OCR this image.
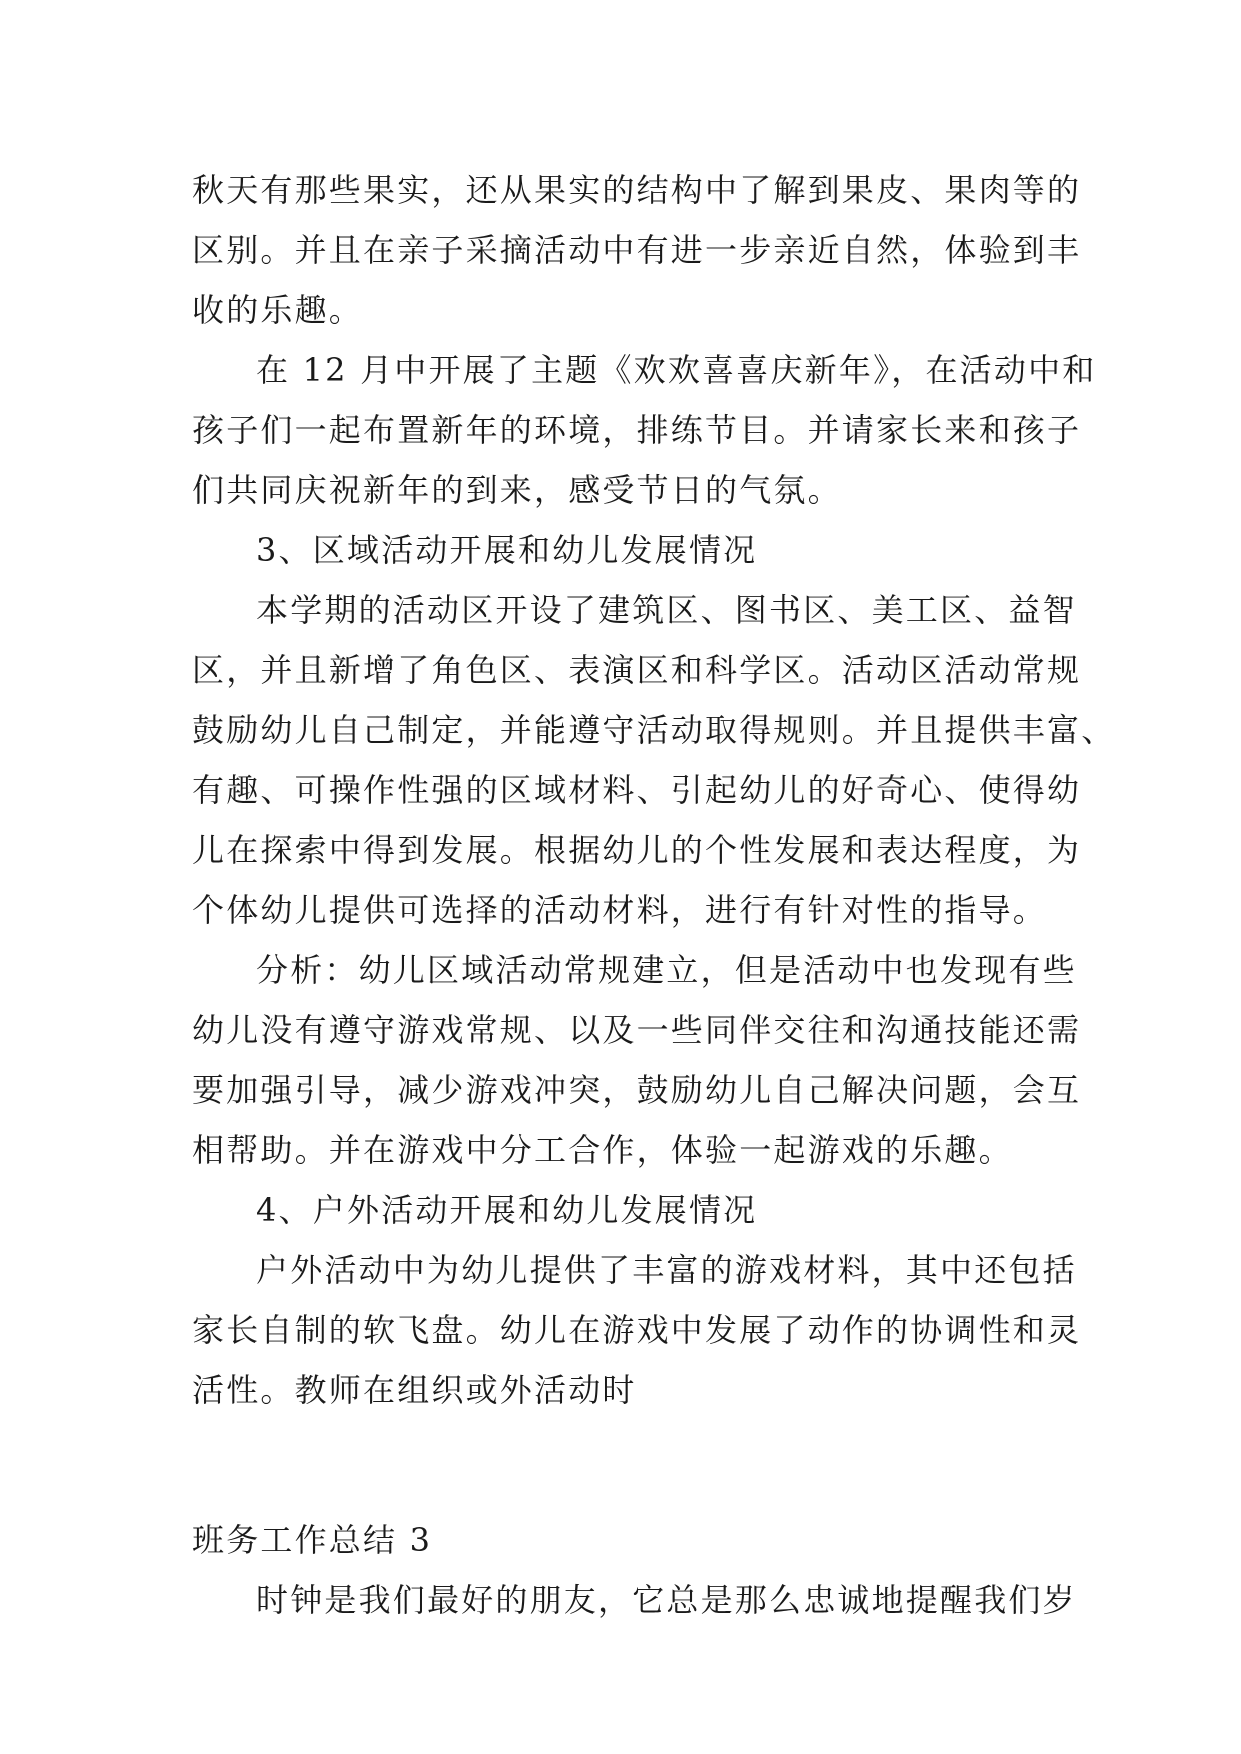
秋天有那些果实，还从果实的结构中了解到果皮、果肉等的
区别。并且在亲子采摘活动中有进一步亲近自然，体验到丰
收的乐趣。
在 12 月中开展了主题《欢欢喜喜庆新年》，在活动中和
孩子们一起布置新年的环境，排练节目。并请家长来和孩子
们共同庆祝新年的到来，感受节日的气氛。
3、区域活动开展和幼儿发展情况
本学期的活动区开设了建筑区、图书区、美工区、益智
区，并且新增了角色区、表演区和科学区。活动区活动常规
鼓励幼儿自己制定，并能遵守活动取得规则。并且提供丰富、
有趣、可操作性强的区域材料、引起幼儿的好奇心、使得幼
儿在探索中得到发展。根据幼儿的个性发展和表达程度，为
个体幼儿提供可选择的活动材料，进行有针对性的指导。
分析：幼儿区域活动常规建立，但是活动中也发现有些
幼儿没有遵守游戏常规、以及一些同伴交往和沟通技能还需
要加强引导，减少游戏冲突，鼓励幼儿自己解决问题，会互
相帮助。并在游戏中分工合作，体验一起游戏的乐趣。
4、户外活动开展和幼儿发展情况
户外活动中为幼儿提供了丰富的游戏材料，其中还包括
家长自制的软飞盘。幼儿在游戏中发展了动作的协调性和灵
活性。教师在组织或外活动时
班务工作总结 3
时钟是我们最好的朋友，它总是那么忠诚地提醒我们岁
